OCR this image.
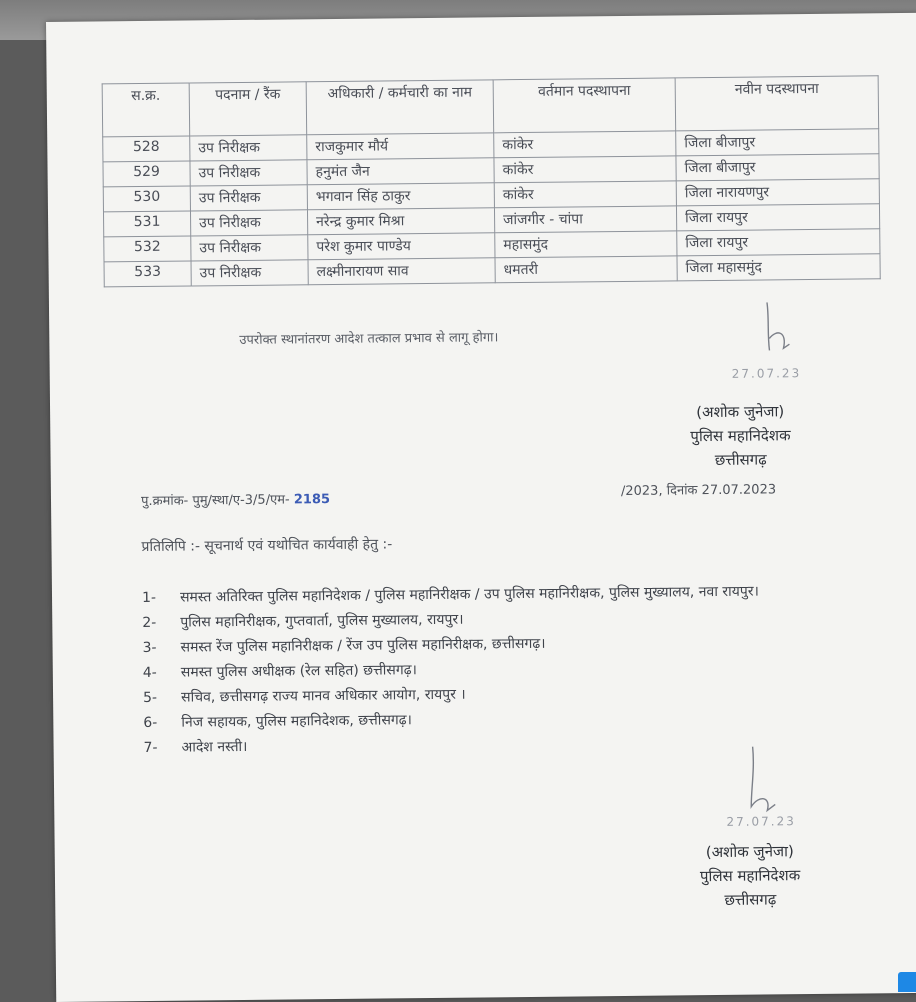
स.क्र.	पदनाम / रैंक	अधिकारी / कर्मचारी का नाम	वर्तमान पदस्थापना	नवीन पदस्थापना
528	उप निरीक्षक	राजकुमार मौर्य	कांकेर	जिला बीजापुर
529	उप निरीक्षक	हनुमंत जैन	कांकेर	जिला बीजापुर
530	उप निरीक्षक	भगवान सिंह ठाकुर	कांकेर	जिला नारायणपुर
531	उप निरीक्षक	नरेन्द्र कुमार मिश्रा	जांजगीर - चांपा	जिला रायपुर
532	उप निरीक्षक	परेश कुमार पाण्डेय	महासमुंद	जिला रायपुर
533	उप निरीक्षक	लक्ष्मीनारायण साव	धमतरी	जिला महासमुंद
उपरोक्त स्थानांतरण आदेश तत्काल प्रभाव से लागू होगा।
27.07.23
(अशोक जुनेजा)
पुलिस महानिदेशक
छत्तीसगढ़
पु.क्रमांक- पुमु/स्था/ए-3/5/एम- 2185
/2023, दिनांक 27.07.2023
प्रतिलिपि :- सूचनार्थ एवं यथोचित कार्यवाही हेतु :-
1-	समस्त अतिरिक्त पुलिस महानिदेशक / पुलिस महानिरीक्षक / उप पुलिस महानिरीक्षक, पुलिस मुख्यालय, नवा रायपुर।
2-	पुलिस महानिरीक्षक, गुप्तवार्ता, पुलिस मुख्यालय, रायपुर।
3-	समस्त रेंज पुलिस महानिरीक्षक / रेंज उप पुलिस महानिरीक्षक, छत्तीसगढ़।
4-	समस्त पुलिस अधीक्षक (रेल सहित) छत्तीसगढ़।
5-	सचिव, छत्तीसगढ़ राज्य मानव अधिकार आयोग, रायपुर ।
6-	निज सहायक, पुलिस महानिदेशक, छत्तीसगढ़।
7-	आदेश नस्ती।
27.07.23
(अशोक जुनेजा)
पुलिस महानिदेशक
छत्तीसगढ़
